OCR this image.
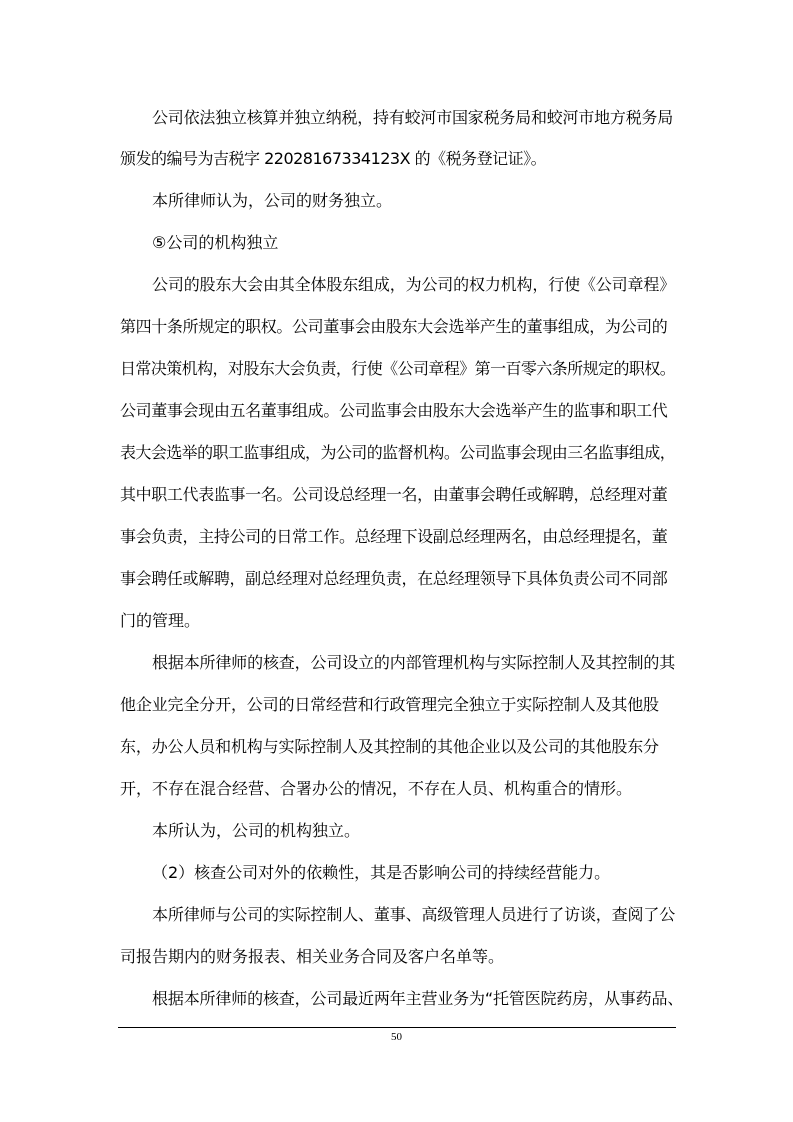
公司依法独立核算并独立纳税，持有蛟河市国家税务局和蛟河市地方税务局
颁发的编号为吉税字 22028167334123X 的《税务登记证》。
本所律师认为，公司的财务独立。
⑤公司的机构独立
公司的股东大会由其全体股东组成，为公司的权力机构，行使《公司章程》
第四十条所规定的职权。公司董事会由股东大会选举产生的董事组成，为公司的
日常决策机构，对股东大会负责，行使《公司章程》第一百零六条所规定的职权。
公司董事会现由五名董事组成。公司监事会由股东大会选举产生的监事和职工代
表大会选举的职工监事组成，为公司的监督机构。公司监事会现由三名监事组成，
其中职工代表监事一名。公司设总经理一名，由董事会聘任或解聘，总经理对董
事会负责，主持公司的日常工作。总经理下设副总经理两名，由总经理提名，董
事会聘任或解聘，副总经理对总经理负责，在总经理领导下具体负责公司不同部
门的管理。
根据本所律师的核查，公司设立的内部管理机构与实际控制人及其控制的其
他企业完全分开，公司的日常经营和行政管理完全独立于实际控制人及其他股
东，办公人员和机构与实际控制人及其控制的其他企业以及公司的其他股东分
开，不存在混合经营、合署办公的情况，不存在人员、机构重合的情形。
本所认为，公司的机构独立。
（2）核查公司对外的依赖性，其是否影响公司的持续经营能力。
本所律师与公司的实际控制人、董事、高级管理人员进行了访谈，查阅了公
司报告期内的财务报表、相关业务合同及客户名单等。
根据本所律师的核查，公司最近两年主营业务为“托管医院药房，从事药品、
50
